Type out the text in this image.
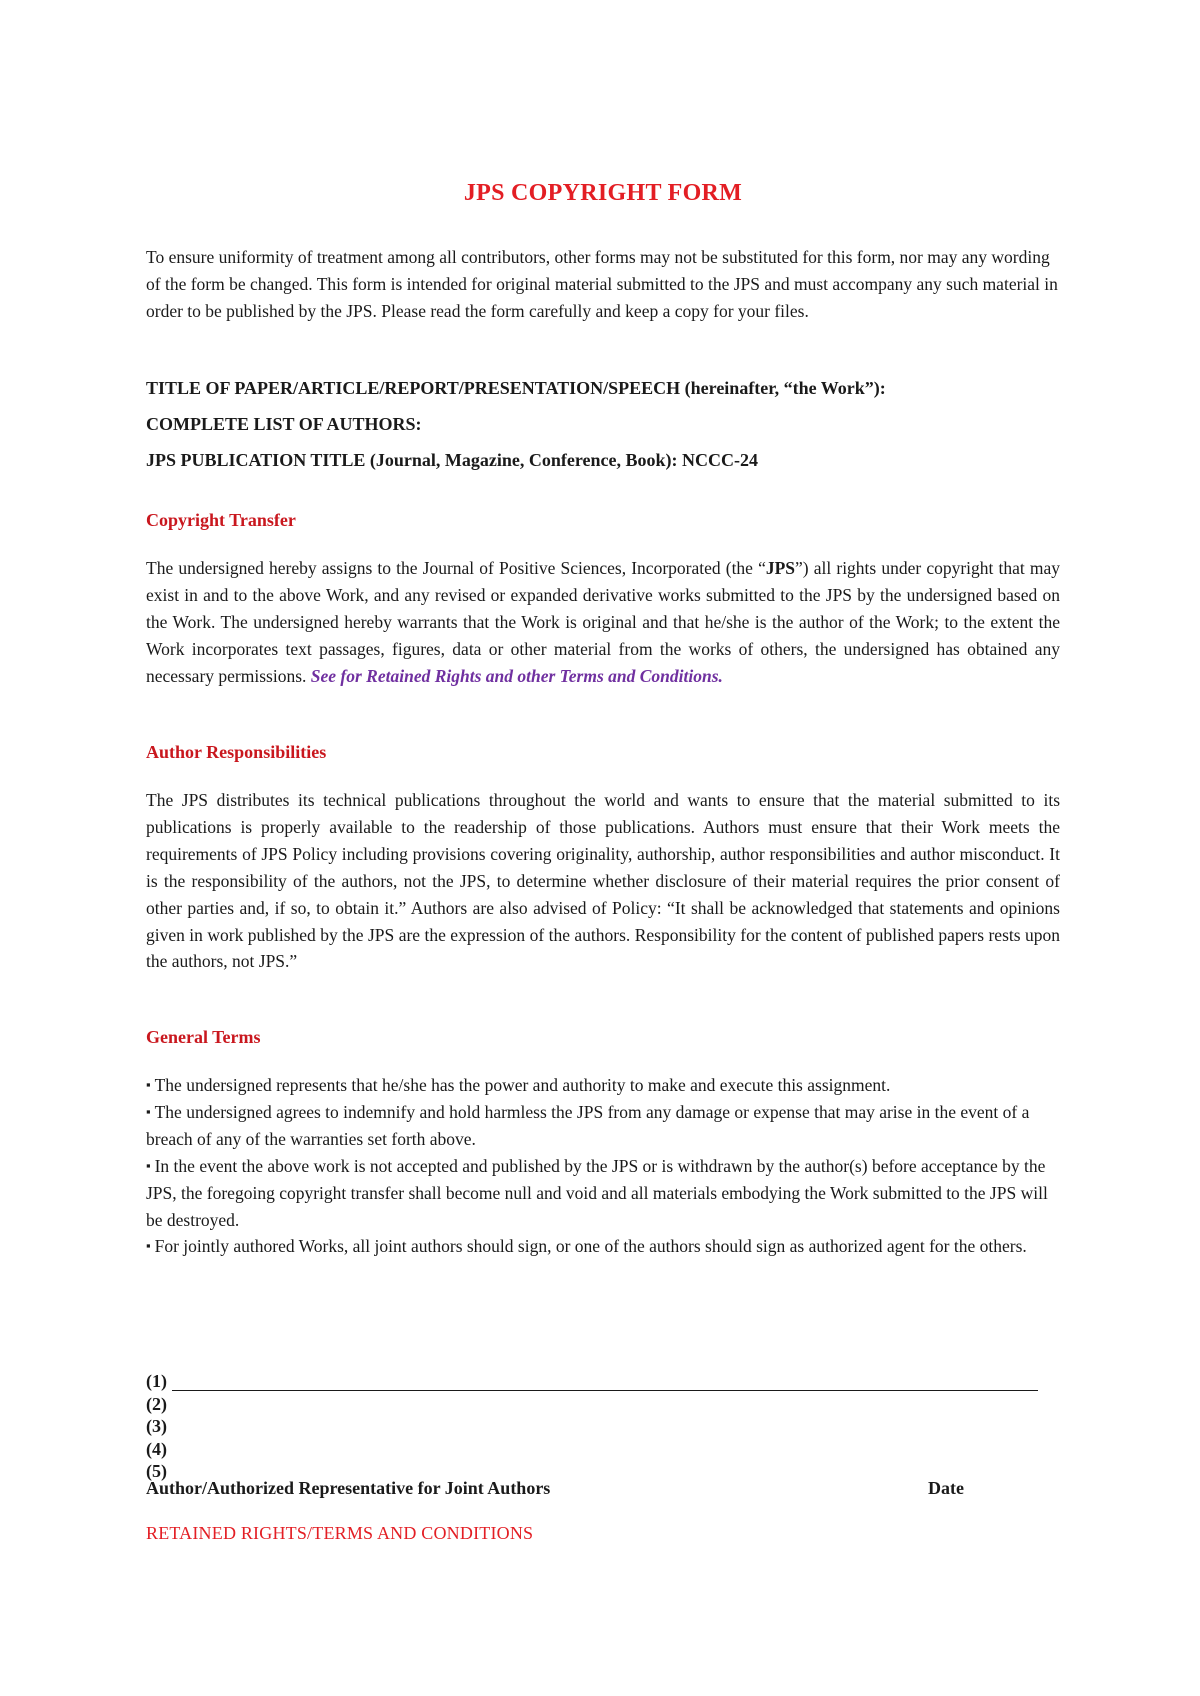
JPS COPYRIGHT FORM

To ensure uniformity of treatment among all contributors, other forms may not be substituted for this form, nor may any wording of the form be changed. This form is intended for original material submitted to the JPS and must accompany any such material in order to be published by the JPS. Please read the form carefully and keep a copy for your files.

TITLE OF PAPER/ARTICLE/REPORT/PRESENTATION/SPEECH (hereinafter, “the Work”):
COMPLETE LIST OF AUTHORS:
JPS PUBLICATION TITLE (Journal, Magazine, Conference, Book): NCCC-24
Copyright Transfer

The undersigned hereby assigns to the Journal of Positive Sciences, Incorporated (the “JPS”) all rights under copyright that may exist in and to the above Work, and any revised or expanded derivative works submitted to the JPS by the undersigned based on the Work. The undersigned hereby warrants that the Work is original and that he/she is the author of the Work; to the extent the Work incorporates text passages, figures, data or other material from the works of others, the undersigned has obtained any necessary permissions. See for Retained Rights and other Terms and Conditions.

Author Responsibilities

The JPS distributes its technical publications throughout the world and wants to ensure that the material submitted to its publications is properly available to the readership of those publications. Authors must ensure that their Work meets the requirements of JPS Policy including provisions covering originality, authorship, author responsibilities and author misconduct. It is the responsibility of the authors, not the JPS, to determine whether disclosure of their material requires the prior consent of other parties and, if so, to obtain it.” Authors are also advised of Policy: “It shall be acknowledged that statements and opinions given in work published by the JPS are the expression of the authors. Responsibility for the content of published papers rests upon the authors, not JPS.”

General Terms
▪ The undersigned represents that he/she has the power and authority to make and execute this assignment.
▪ The undersigned agrees to indemnify and hold harmless the JPS from any damage or expense that may arise in the event of a breach of any of the warranties set forth above.
▪ In the event the above work is not accepted and published by the JPS or is withdrawn by the author(s) before acceptance by the JPS, the foregoing copyright transfer shall become null and void and all materials embodying the Work submitted to the JPS will be destroyed.
▪ For jointly authored Works, all joint authors should sign, or one of the authors should sign as authorized agent for the others.
(1)
(2)
(3)
(4)
(5)
Author/Authorized Representative for Joint Authors	Date
RETAINED RIGHTS/TERMS AND CONDITIONS
